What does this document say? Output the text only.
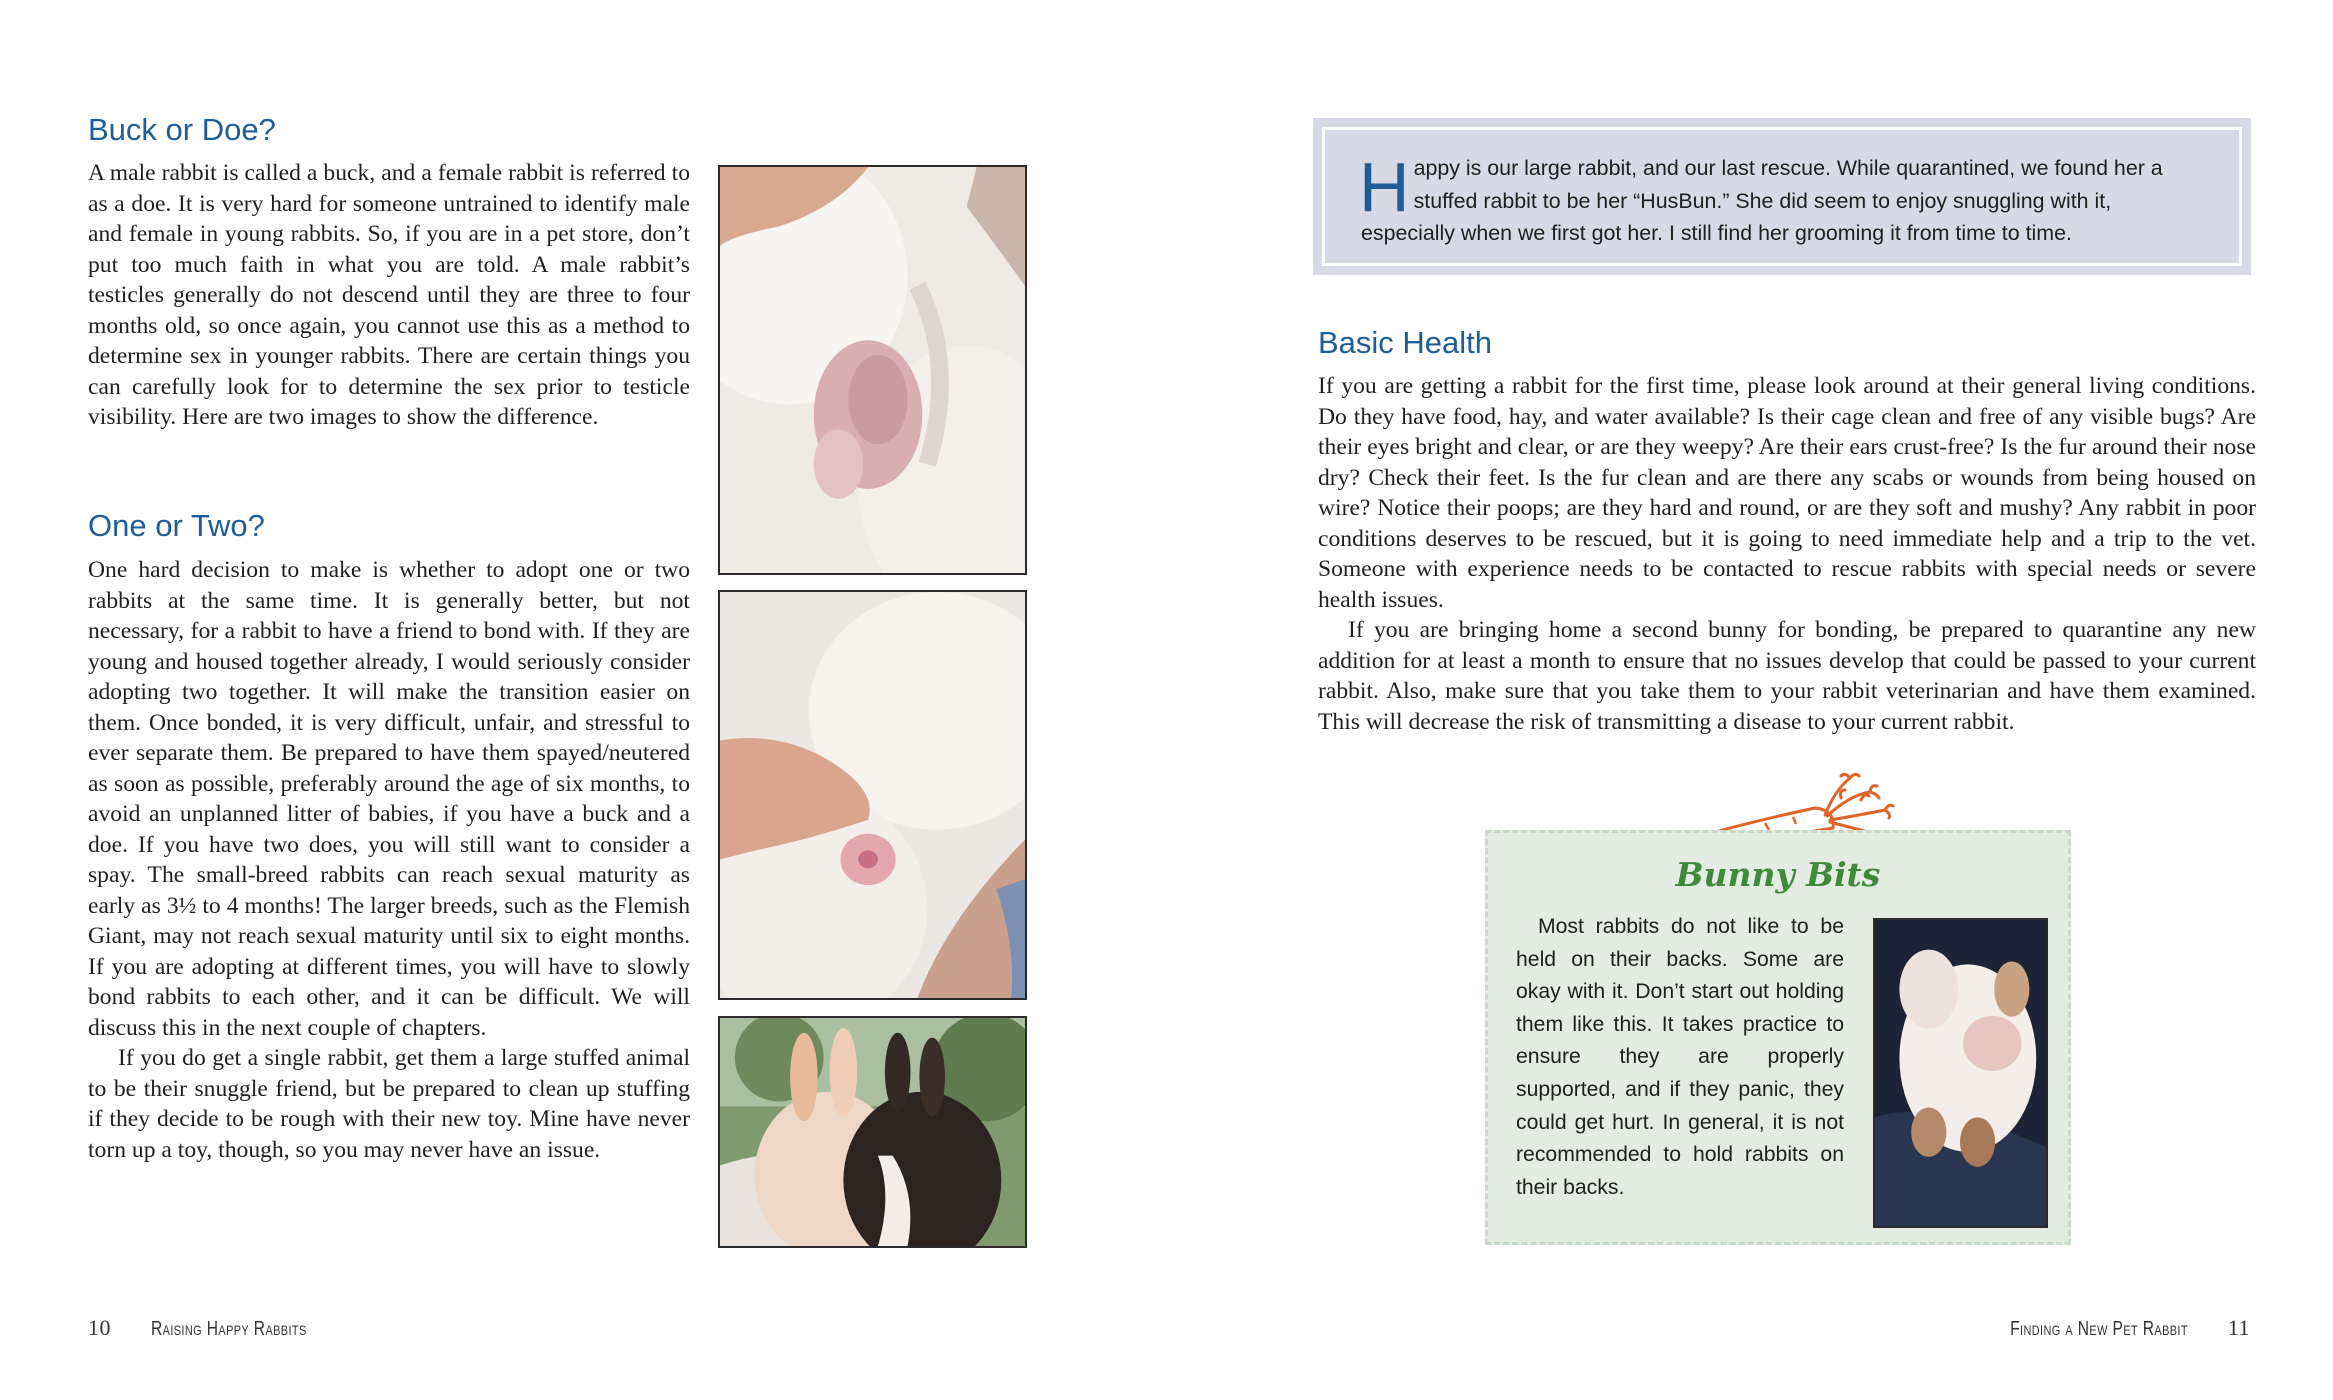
Buck or Doe?

A male rabbit is called a buck, and a female rabbit is referred to as a doe. It is very hard for someone untrained to identify male and female in young rabbits. So, if you are in a pet store, don’t put too much faith in what you are told. A male rabbit’s testicles generally do not descend until they are three to four months old, so once again, you cannot use this as a method to determine sex in younger rabbits. There are certain things you can carefully look for to determine the sex prior to testicle visibility. Here are two images to show the difference.

One or Two?

One hard decision to make is whether to adopt one or two rabbits at the same time. It is generally better, but not necessary, for a rabbit to have a friend to bond with. If they are young and housed together already, I would seriously consider adopting two together. It will make the transition easier on them. Once bonded, it is very difficult, unfair, and stressful to ever separate them. Be prepared to have them spayed/neutered as soon as possible, preferably around the age of six months, to avoid an unplanned litter of babies, if you have a buck and a doe. If you have two does, you will still want to consider a spay. The small-breed rabbits can reach sexual maturity as early as 3½ to 4 months! The larger breeds, such as the Flemish Giant, may not reach sexual maturity until six to eight months. If you are adopting at different times, you will have to slowly bond rabbits to each other, and it can be difficult. We will discuss this in the next couple of chapters.

If you do get a single rabbit, get them a large stuffed animal to be their snuggle friend, but be prepared to clean up stuffing if they decide to be rough with their new toy. Mine have never torn up a toy, though, so you may never have an issue.

10 Raising Happy Rabbits
Happy is our large rabbit, and our last rescue. While quarantined, we found her a stuffed rabbit to be her “HusBun.” She did seem to enjoy snuggling with it, especially when we first got her. I still find her grooming it from time to time.
Basic Health

If you are getting a rabbit for the first time, please look around at their general living conditions. Do they have food, hay, and water available? Is their cage clean and free of any visible bugs? Are their eyes bright and clear, or are they weepy? Are their ears crust-free? Is the fur around their nose dry? Check their feet. Is the fur clean and are there any scabs or wounds from being housed on wire? Notice their poops; are they hard and round, or are they soft and mushy? Any rabbit in poor conditions deserves to be rescued, but it is going to need immediate help and a trip to the vet. Someone with experience needs to be contacted to rescue rabbits with special needs or severe health issues.

If you are bringing home a second bunny for bonding, be prepared to quarantine any new addition for at least a month to ensure that no issues develop that could be passed to your current rabbit. Also, make sure that you take them to your rabbit veterinarian and have them examined. This will decrease the risk of transmitting a disease to your current rabbit.

Bunny Bits

Most rabbits do not like to be held on their backs. Some are okay with it. Don’t start out holding them like this. It takes practice to ensure they are properly supported, and if they panic, they could get hurt. In general, it is not recommended to hold rabbits on their backs.

Finding a New Pet Rabbit 11
